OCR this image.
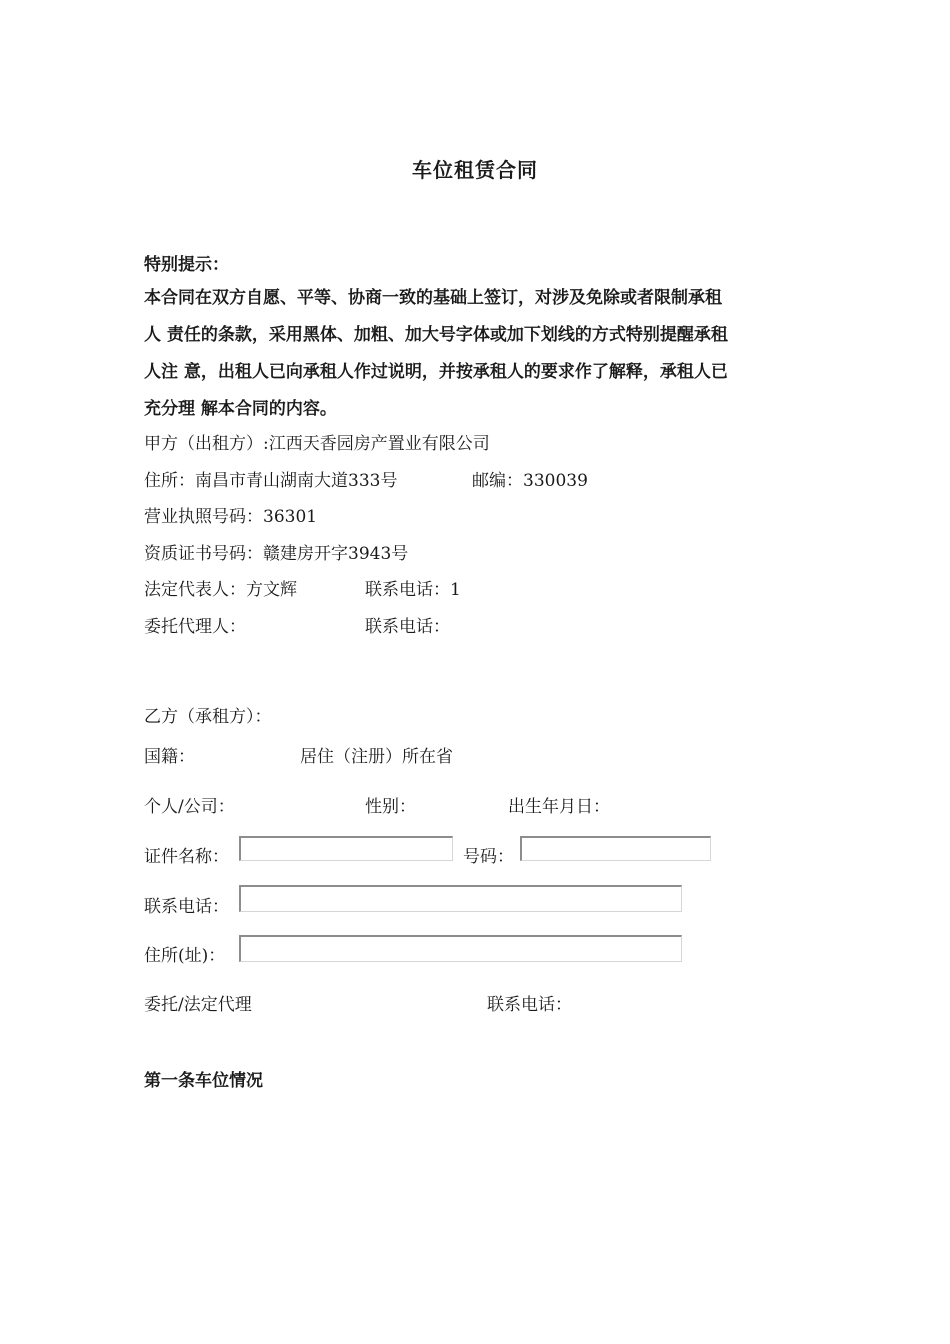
车位租赁合同
特别提示：
本合同在双方自愿、平等、协商一致的基础上签订，对涉及免除或者限制承租
人 责任的条款，采用黑体、加粗、加大号字体或加下划线的方式特别提醒承租
人注 意，出租人已向承租人作过说明，并按承租人的要求作了解释，承租人已
充分理 解本合同的内容。
甲方（出租方）:江西天香园房产置业有限公司
住所：南昌市青山湖南大道333号	邮编：330039
营业执照号码：36301
资质证书号码：赣建房开字3943号
法定代表人：方文辉	联系电话：1
委托代理人：	联系电话：
乙方（承租方）：
国籍：	居住（注册）所在省
个人/公司：	性别：	出生年月日：
证件名称：	号码：
联系电话：
住所(址)：
委托/法定代理	联系电话：
第一条车位情况
